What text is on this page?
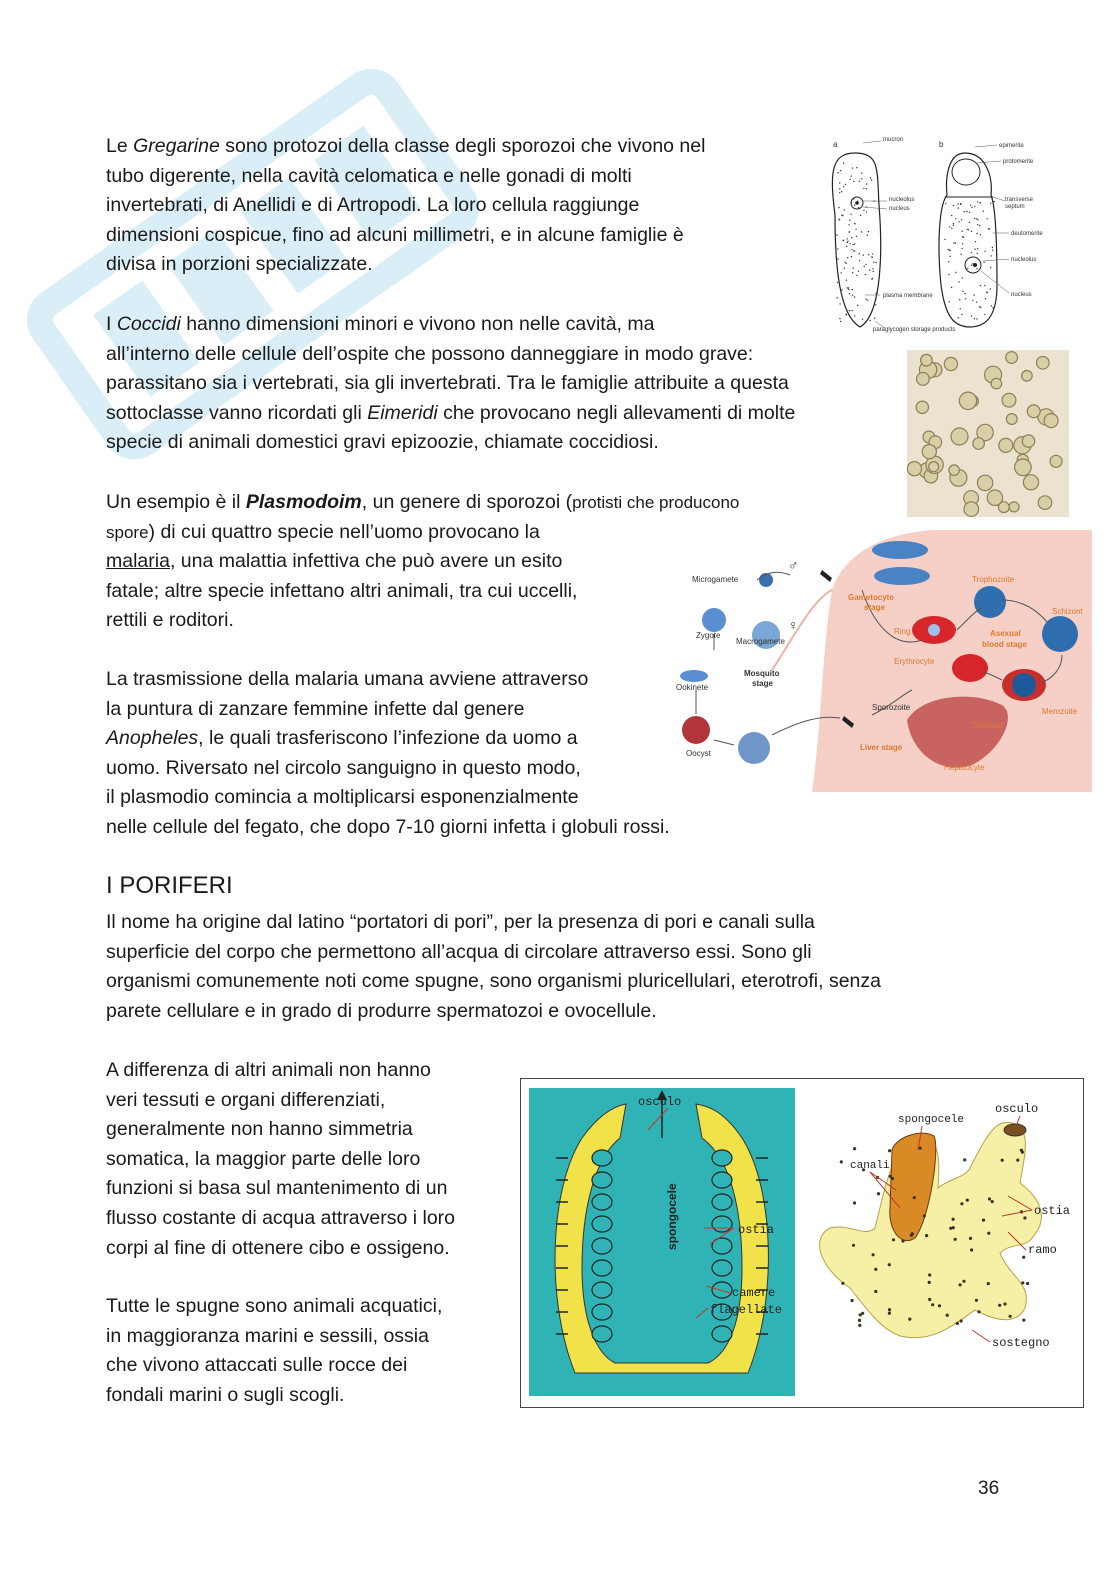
Le Gregarine sono protozoi della classe degli sporozoi che vivono nel
tubo digerente, nella cavità celomatica e nelle gonadi di molti
invertebrati, di Anellidi e di Artropodi. La loro cellula raggiunge
dimensioni cospicue, fino ad alcuni millimetri, e in alcune famiglie è
divisa in porzioni specializzate.

I Coccidi hanno dimensioni minori e vivono non nelle cavità, ma
all’interno delle cellule dell’ospite che possono danneggiare in modo grave:
parassitano sia i vertebrati, sia gli invertebrati. Tra le famiglie attribuite a questa
sottoclasse vanno ricordati gli Eimeridi che provocano negli allevamenti di molte
specie di animali domestici gravi epizoozie, chiamate coccidiosi.

Un esempio è il Plasmodoim, un genere di sporozoi (protisti che producono
spore) di cui quattro specie nell’uomo provocano la
malaria, una malattia infettiva che può avere un esito
fatale; altre specie infettano altri animali, tra cui uccelli,
rettili e roditori.

La trasmissione della malaria umana avviene attraverso
la puntura di zanzare femmine infette dal genere
Anopheles, le quali trasferiscono l’infezione da uomo a
uomo. Riversato nel circolo sanguigno in questo modo,
il plasmodio comincia a moltiplicarsi esponenzialmente
nelle cellule del fegato, che dopo 7-10 giorni infetta i globuli rossi.

I PORIFERI

Il nome ha origine dal latino “portatori di pori”, per la presenza di pori e canali sulla
superficie del corpo che permettono all’acqua di circolare attraverso essi. Sono gli
organismi comunemente noti come spugne, sono organismi pluricellulari, eterotrofi, senza
parete cellulare e in grado di produrre spermatozoi e ovocellule.

A differenza di altri animali non hanno
veri tessuti e organi differenziati,
generalmente non hanno simmetria
somatica, la maggior parte delle loro
funzioni si basa sul mantenimento di un
flusso costante di acqua attraverso i loro
corpi al fine di ottenere cibo e ossigeno.

Tutte le spugne sono animali acquatici,
in maggioranza marini e sessili, ossia
che vivono attaccati sulle rocce dei
fondali marini o sugli scogli.

36
a	b
mucron
nucleolus
nucleus
plasma membrane
paraglycogen storage products
epimerite
protomerite
transverse
septum
deutomerite
nucleolus
nucleus
Microgamete
♂
Macrogamete
♀
Zygote
Ookinete
Oocyst
Mosquito
stage
Gametocyte
stage
Trophozoite
Schizont
Ring
Erythrocyte
Asexual
blood stage
Merozoite
Sporozoite
Schizont
Liver stage
Hepatocyte
spongocele
osculo
ostia
camere
flagellate
osculo
spongocele
canali
ostia
ramo
sostegno
